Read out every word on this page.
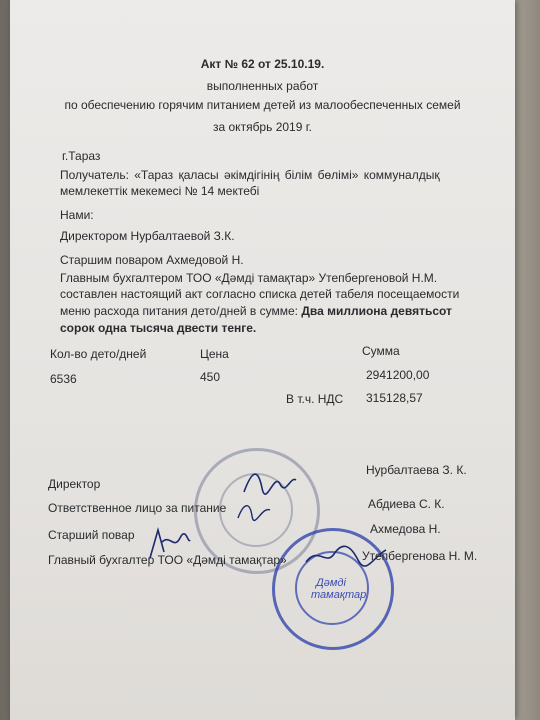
Акт № 62 от 25.10.19.
выполненных работ
по обеспечению горячим питанием детей из малообеспеченных семей
за октябрь 2019 г.
г.Тараз
Получатель: «Тараз қаласы әкімдігінің білім бөлімі» коммуналдық
мемлекеттік мекемесі № 14 мектебі
Нами:
Директором Нурбалтаевой З.К.
Старшим поваром Ахмедовой Н.
Главным бухгалтером ТОО «Дәмді тамақтар» Утепбергеновой Н.М.
составлен настоящий акт согласно списка детей табеля посещаемости
меню расхода питания дето/дней в сумме: Два миллиона девятьсот
сорок одна тысяча двести тенге.
Кол-во дето/дней	Цена	Сумма
6536	450	2941200,00
В т.ч. НДС 315128,57
Дәмді тамақтар
Директор
Нурбалтаева З. К.
Ответственное лицо за питание	Абдиева С. К.
Старший повар	Ахмедова Н.
Главный бухгалтер ТОО «Дәмді тамақтар»	Утепбергенова Н. М.
